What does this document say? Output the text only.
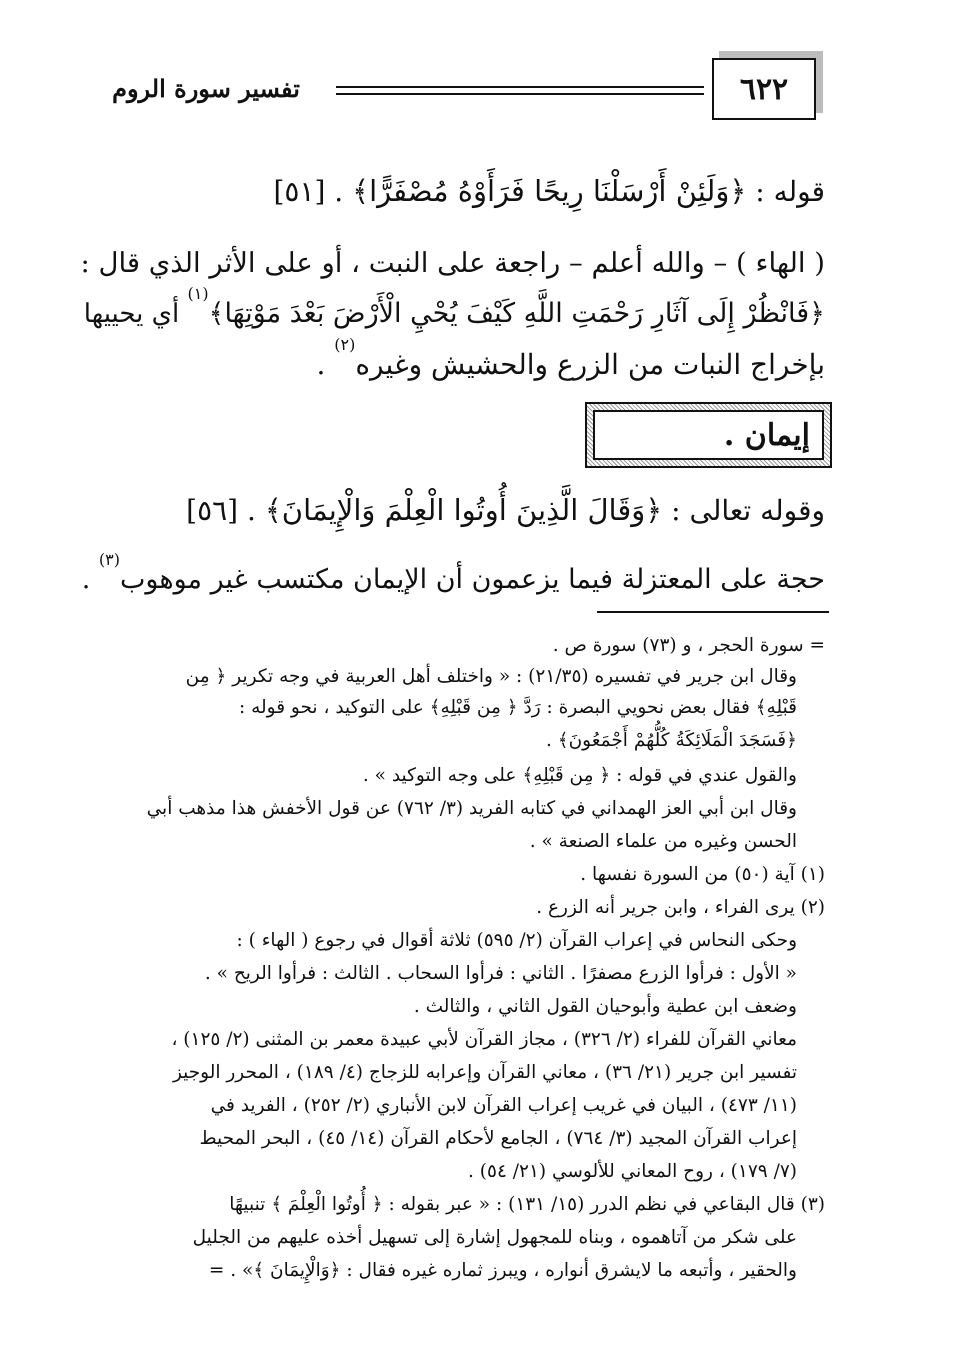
٦٢٢
تفسير سورة الروم
قوله : ﴿وَلَئِنْ أَرْسَلْنَا رِيحًا فَرَأَوْهُ مُصْفَرًّا﴾ . [٥١]
( الهاء ) – والله أعلم – راجعة على النبت ، أو على الأثر الذي قال :
﴿فَانْظُرْ إِلَى آثَارِ رَحْمَتِ اللَّهِ كَيْفَ يُحْيِ الْأَرْضَ بَعْدَ مَوْتِهَا﴾$^{(١)}$ أي يحييها
بإخراج النبات من الزرع والحشيش وغيره$^{(٢)}$ .
إيمان .
وقوله تعالى : ﴿وَقَالَ الَّذِينَ أُوتُوا الْعِلْمَ وَالْإِيمَانَ﴾ . [٥٦]
حجة على المعتزلة فيما يزعمون أن الإيمان مكتسب غير موهوب$^{(٣)}$ .
= سورة الحجر ، و (٧٣) سورة ص .
وقال ابن جرير في تفسيره (٢١/٣٥) : « واختلف أهل العربية في وجه تكرير ﴿ مِن
قَبْلِهِ﴾ فقال بعض نحويي البصرة : رَدَّ ﴿ مِن قَبْلِهِ﴾ على التوكيد ، نحو قوله :
﴿فَسَجَدَ الْمَلَائِكَةُ كُلُّهُمْ أَجْمَعُونَ﴾ .
والقول عندي في قوله : ﴿ مِن قَبْلِهِ﴾ على وجه التوكيد » .
وقال ابن أبي العز الهمداني في كتابه الفريد (٣/ ٧٦٢) عن قول الأخفش هذا مذهب أبي
الحسن وغيره من علماء الصنعة » .
(١) آية (٥٠) من السورة نفسها .
(٢) يرى الفراء ، وابن جرير أنه الزرع .
وحكى النحاس في إعراب القرآن (٢/ ٥٩٥) ثلاثة أقوال في رجوع ( الهاء ) :
« الأول : فرأوا الزرع مصفرًا . الثاني : فرأوا السحاب . الثالث : فرأوا الريح » .
وضعف ابن عطية وأبوحيان القول الثاني ، والثالث .
معاني القرآن للفراء (٢/ ٣٢٦) ، مجاز القرآن لأبي عبيدة معمر بن المثنى (٢/ ١٢٥) ،
تفسير ابن جرير (٢١/ ٣٦) ، معاني القرآن وإعرابه للزجاج (٤/ ١٨٩) ، المحرر الوجيز
(١١/ ٤٧٣) ، البيان في غريب إعراب القرآن لابن الأنباري (٢/ ٢٥٢) ، الفريد في
إعراب القرآن المجيد (٣/ ٧٦٤) ، الجامع لأحكام القرآن (١٤/ ٤٥) ، البحر المحيط
(٧/ ١٧٩) ، روح المعاني للألوسي (٢١/ ٥٤) .
(٣) قال البقاعي في نظم الدرر (١٥/ ١٣١) : « عبر بقوله : ﴿ أُوتُوا الْعِلْمَ ﴾ تنبيهًا
على شكر من آتاهموه ، وبناه للمجهول إشارة إلى تسهيل أخذه عليهم من الجليل
والحقير ، وأتبعه ما لايشرق أنواره ، ويبرز ثماره غيره فقال : ﴿وَالْإِيمَانَ ﴾» . =
